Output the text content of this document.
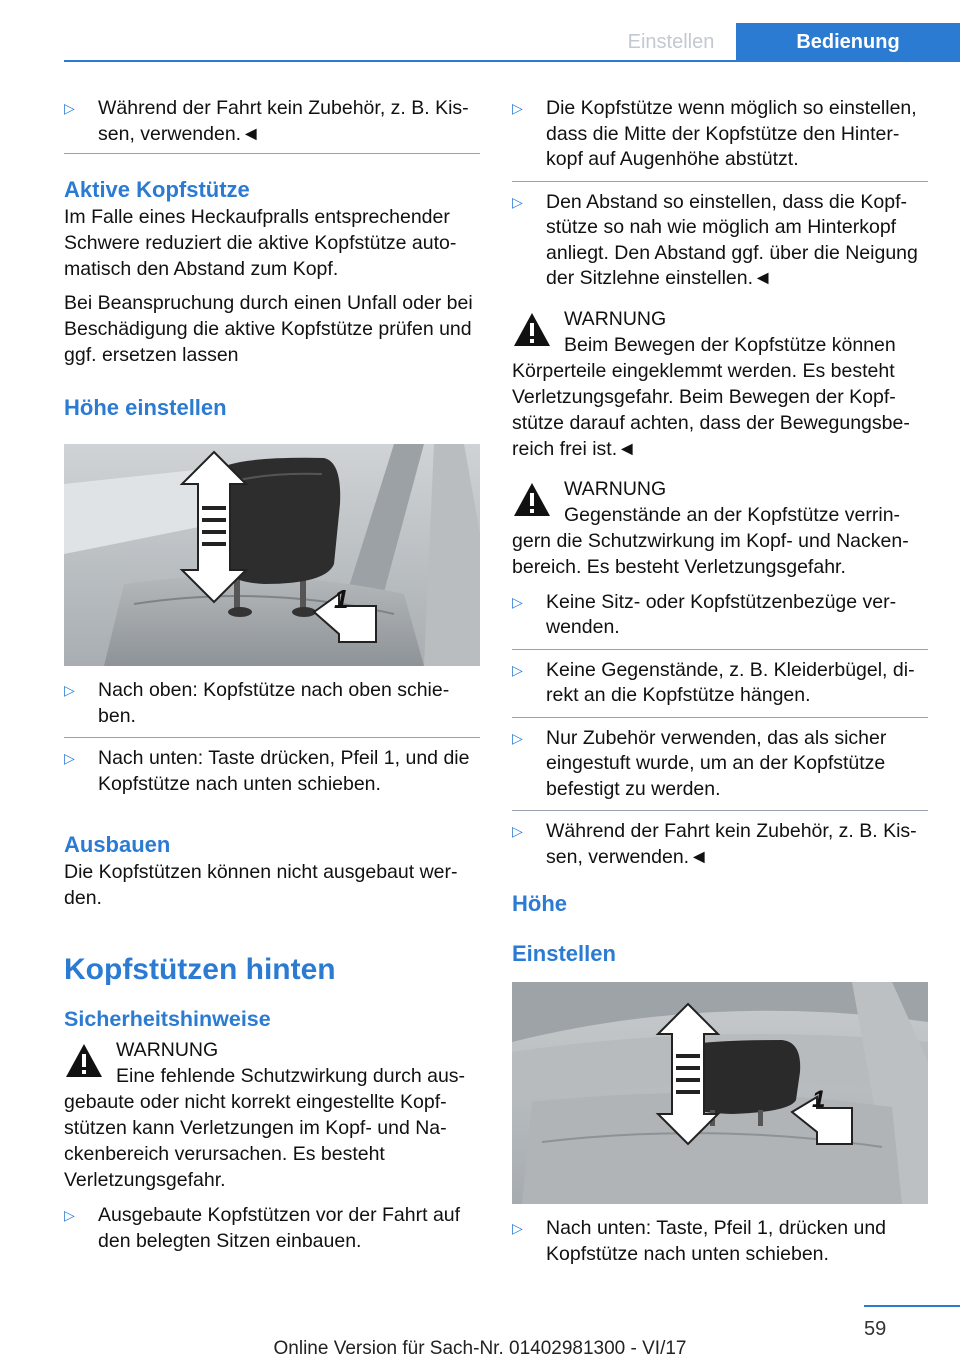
Einstellen	Bedienung
▷	Während der Fahrt kein Zubehör, z. B. Kissen, verwenden.◄
Aktive Kopfstütze

Im Falle eines Heckaufpralls entsprechender Schwere reduziert die aktive Kopfstütze automatisch den Abstand zum Kopf.

Bei Beanspruchung durch einen Unfall oder bei Beschädigung die aktive Kopfstütze prüfen und ggf. ersetzen lassen

Höhe einstellen
1
▷	Nach oben: Kopfstütze nach oben schieben.
▷	Nach unten: Taste drücken, Pfeil 1, und die Kopfstütze nach unten schieben.
Ausbauen

Die Kopfstützen können nicht ausgebaut werden.

Kopfstützen hinten
Sicherheitshinweise
WARNUNG
Eine fehlende Schutzwirkung durch ausgebaute oder nicht korrekt eingestellte Kopfstützen kann Verletzungen im Kopf- und Nackenbereich verursachen. Es besteht Verletzungsgefahr.
▷	Ausgebaute Kopfstützen vor der Fahrt auf den belegten Sitzen einbauen.
▷	Die Kopfstütze wenn möglich so einstellen, dass die Mitte der Kopfstütze den Hinterkopf auf Augenhöhe abstützt.
▷	Den Abstand so einstellen, dass die Kopfstütze so nah wie möglich am Hinterkopf anliegt. Den Abstand ggf. über die Neigung der Sitzlehne einstellen.◄
WARNUNG
Beim Bewegen der Kopfstütze können Körperteile eingeklemmt werden. Es besteht Verletzungsgefahr. Beim Bewegen der Kopfstütze darauf achten, dass der Bewegungsbereich frei ist.◄
WARNUNG
Gegenstände an der Kopfstütze verringern die Schutzwirkung im Kopf- und Nackenbereich. Es besteht Verletzungsgefahr.
▷	Keine Sitz- oder Kopfstützenbezüge verwenden.
▷	Keine Gegenstände, z. B. Kleiderbügel, direkt an die Kopfstütze hängen.
▷	Nur Zubehör verwenden, das als sicher eingestuft wurde, um an der Kopfstütze befestigt zu werden.
▷	Während der Fahrt kein Zubehör, z. B. Kissen, verwenden.◄
Höhe
Einstellen
1
▷	Nach unten: Taste, Pfeil 1, drücken und Kopfstütze nach unten schieben.
59
Online Version für Sach-Nr. 01402981300 - VI/17
